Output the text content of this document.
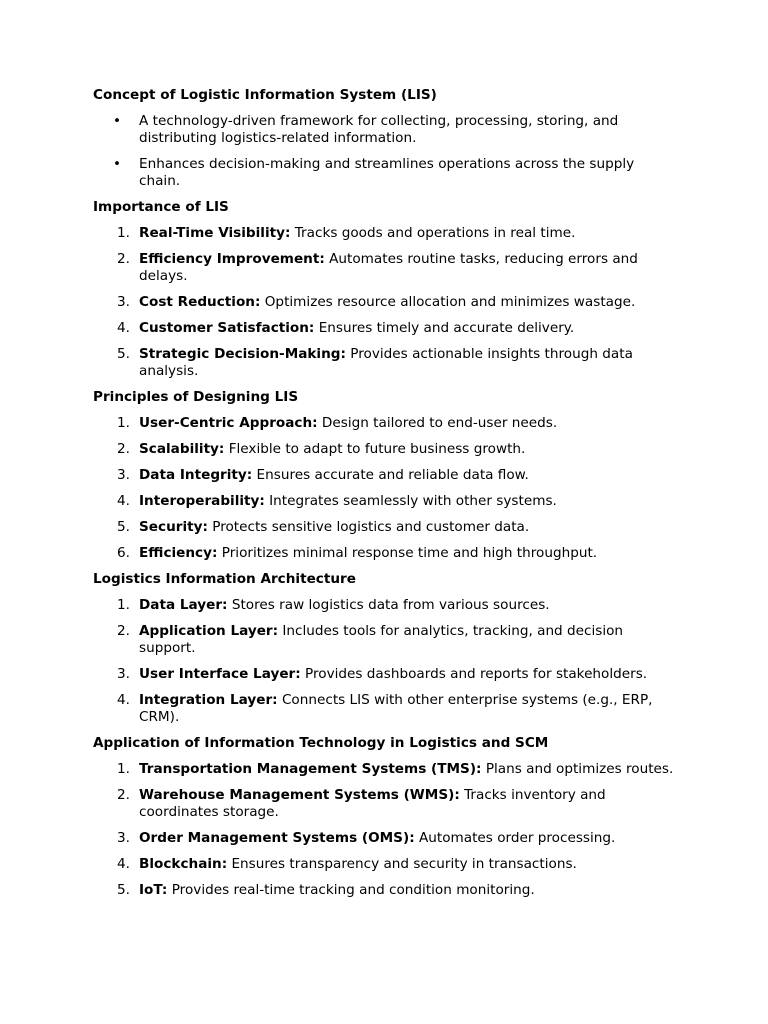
Concept of Logistic Information System (LIS)
• A technology-driven framework for collecting, processing, storing, and distributing logistics-related information.
• Enhances decision-making and streamlines operations across the supply chain.
Importance of LIS
1. Real-Time Visibility: Tracks goods and operations in real time.
2. Efficiency Improvement: Automates routine tasks, reducing errors and delays.
3. Cost Reduction: Optimizes resource allocation and minimizes wastage.
4. Customer Satisfaction: Ensures timely and accurate delivery.
5. Strategic Decision-Making: Provides actionable insights through data analysis.
Principles of Designing LIS
1. User-Centric Approach: Design tailored to end-user needs.
2. Scalability: Flexible to adapt to future business growth.
3. Data Integrity: Ensures accurate and reliable data flow.
4. Interoperability: Integrates seamlessly with other systems.
5. Security: Protects sensitive logistics and customer data.
6. Efficiency: Prioritizes minimal response time and high throughput.
Logistics Information Architecture
1. Data Layer: Stores raw logistics data from various sources.
2. Application Layer: Includes tools for analytics, tracking, and decision support.
3. User Interface Layer: Provides dashboards and reports for stakeholders.
4. Integration Layer: Connects LIS with other enterprise systems (e.g., ERP, CRM).
Application of Information Technology in Logistics and SCM
1. Transportation Management Systems (TMS): Plans and optimizes routes.
2. Warehouse Management Systems (WMS): Tracks inventory and coordinates storage.
3. Order Management Systems (OMS): Automates order processing.
4. Blockchain: Ensures transparency and security in transactions.
5. IoT: Provides real-time tracking and condition monitoring.
